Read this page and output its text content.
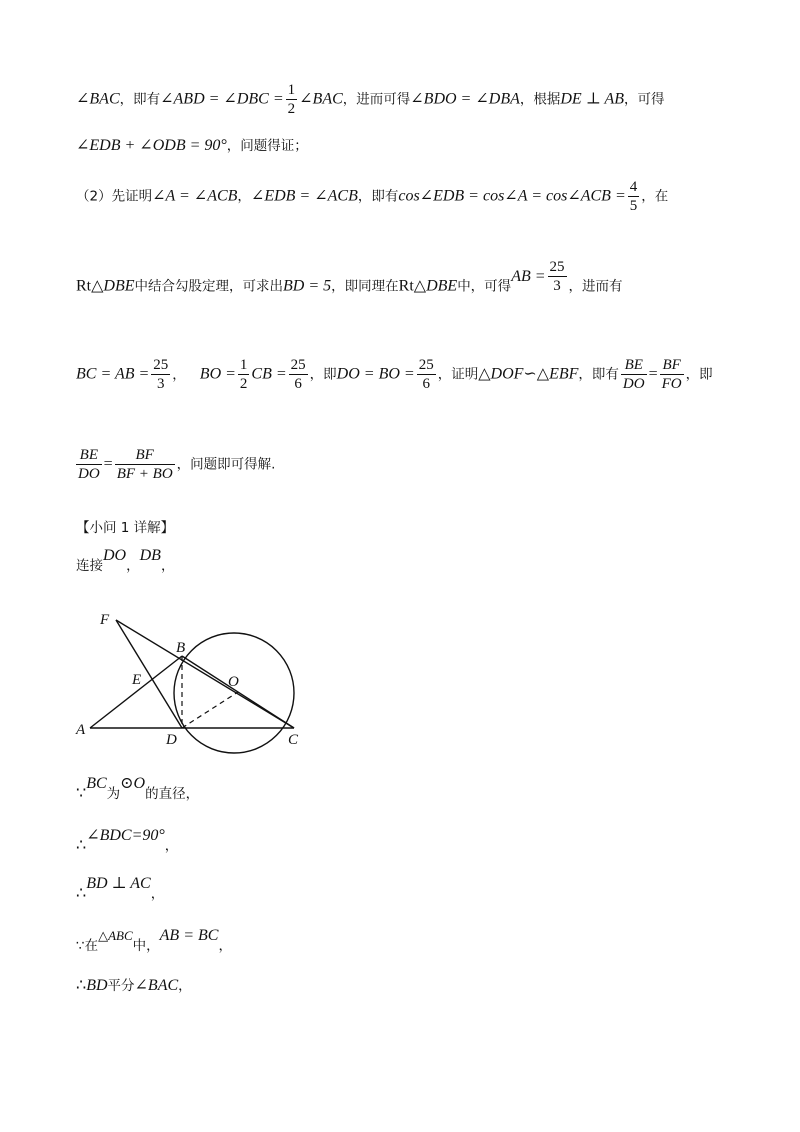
∠BAC，即有∠ABD = ∠DBC = $\frac{1}{2}$ ∠BAC，进而可得∠BDO = ∠DBA，根据DE ⊥ AB，可得
∠EDB + ∠ODB = 90°，问题得证；
（2）先证明∠A = ∠ACB，∠EDB = ∠ACB，即有cos∠EDB = cos∠A = cos∠ACB = $\frac{4}{5}$ ，在
Rt△DBE中结合勾股定理，可求出BD = 5，即同理在Rt△DBE中，可得AB = $\frac{25}{3}$ ，进而有
BC = AB = $\frac{25}{3}$ ， BO = $\frac{1}{2}$ CB = $\frac{25}{6}$ ，即DO = BO = $\frac{25}{6}$ ，证明△DOF∽△EBF，即有 $\frac{BE}{DO} = \frac{BF}{FO}$ ，即
$\frac{BE}{DO} = \frac{BF}{BF + BO}$ ，问题即可得解.
【小问 1 详解】
连接DO，DB，
F
B
E	O
A
D	C
∵BC为⊙O的直径，
∴∠BDC=90°，
∴BD ⊥ AC，
∵在△ABC中，AB = BC，
∴BD平分∠BAC，
